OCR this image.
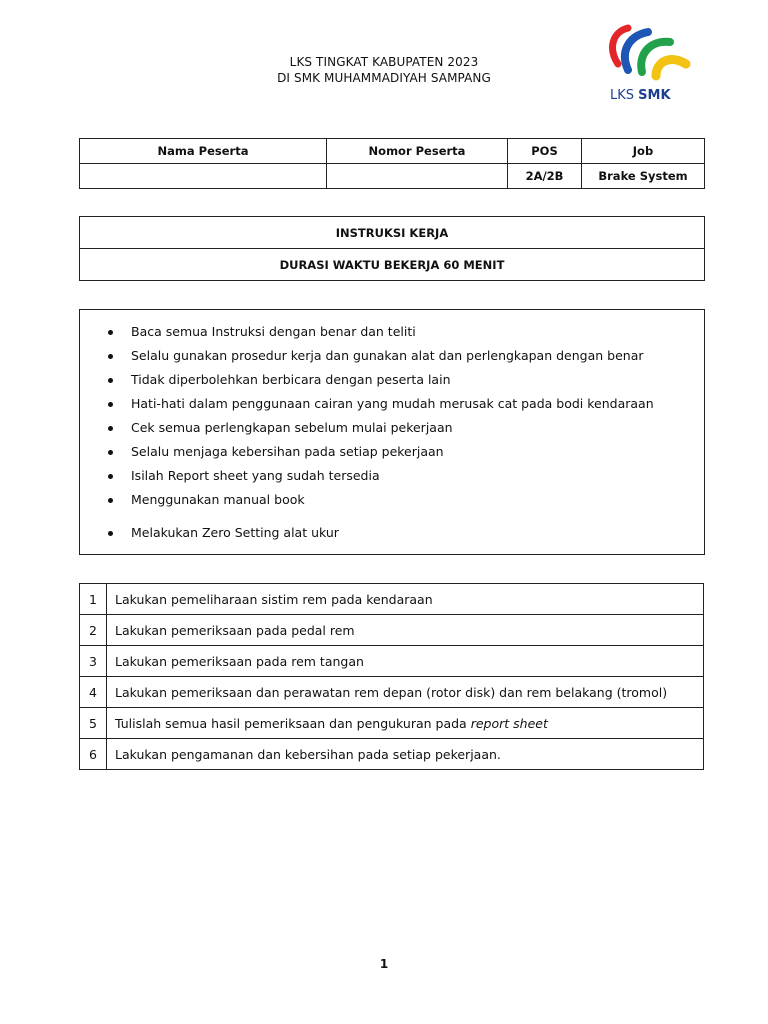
LKS TINGKAT KABUPATEN 2023
DI SMK MUHAMMADIYAH SAMPANG
LKS SMK
Nama Peserta	Nomor Peserta	POS	Job
		2A/2B	Brake System
INSTRUKSI KERJA
DURASI WAKTU BEKERJA 60 MENIT
Baca semua Instruksi dengan benar dan teliti
Selalu gunakan prosedur kerja dan gunakan alat dan perlengkapan dengan benar
Tidak diperbolehkan berbicara dengan peserta lain
Hati-hati dalam penggunaan cairan yang mudah merusak cat pada bodi kendaraan
Cek semua perlengkapan sebelum mulai pekerjaan
Selalu menjaga kebersihan pada setiap pekerjaan
Isilah Report sheet yang sudah tersedia
Menggunakan manual book
Melakukan Zero Setting alat ukur
1	Lakukan pemeliharaan sistim rem pada kendaraan
2	Lakukan pemeriksaan pada pedal rem
3	Lakukan pemeriksaan pada rem tangan
4	Lakukan pemeriksaan dan perawatan rem depan (rotor disk) dan rem belakang (tromol)
5	Tulislah semua hasil pemeriksaan dan pengukuran pada report sheet
6	Lakukan pengamanan dan kebersihan pada setiap pekerjaan.
1
